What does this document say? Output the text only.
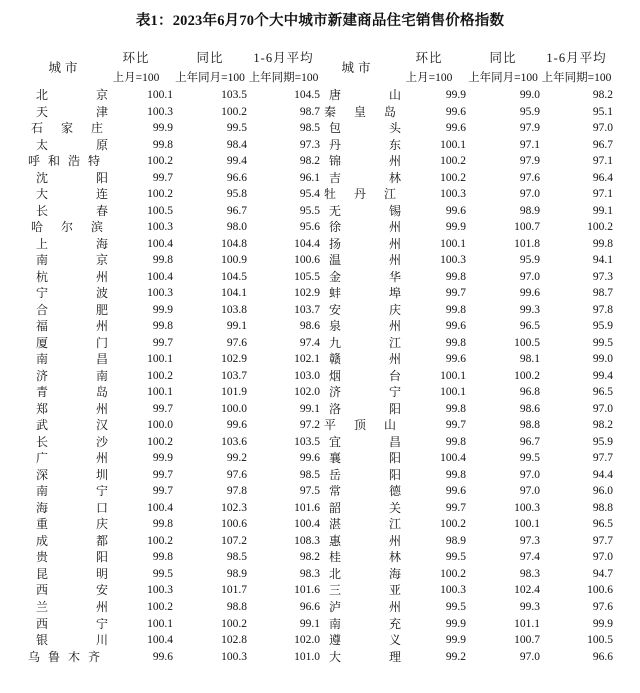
表1：2023年6月70个大中城市新建商品住宅销售价格指数
城市	环比	同比	1-6月平均	城市	环比	同比	1-6月平均
	上月=100	上年同月=100	上年同期=100		上月=100	上年同月=100	上年同期=100

北 京	100.1	103.5	104.5	唐 山	99.9	99.0	98.2

天 津	100.3	100.2	98.7	秦 皇 岛	99.6	95.9	95.1

石 家 庄	99.9	99.5	98.5	包 头	99.6	97.9	97.0

太 原	99.8	98.4	97.3	丹 东	100.1	97.1	96.7

呼 和 浩 特	100.2	99.4	98.2	锦 州	100.2	97.9	97.1

沈 阳	99.7	96.6	96.1	吉 林	100.2	97.6	96.4

大 连	100.2	95.8	95.4	牡 丹 江	100.3	97.0	97.1

长 春	100.5	96.7	95.5	无 锡	99.6	98.9	99.1

哈 尔 滨	100.3	98.0	95.6	徐 州	99.9	100.7	100.2

上 海	100.4	104.8	104.4	扬 州	100.1	101.8	99.8

南 京	99.8	100.9	100.6	温 州	100.3	95.9	94.1

杭 州	100.4	104.5	105.5	金 华	99.8	97.0	97.3

宁 波	100.3	104.1	102.9	蚌 埠	99.7	99.6	98.7

合 肥	99.9	103.8	103.7	安 庆	99.8	99.3	97.8

福 州	99.8	99.1	98.6	泉 州	99.6	96.5	95.9

厦 门	99.7	97.6	97.4	九 江	99.8	100.5	99.5

南 昌	100.1	102.9	102.1	赣 州	99.6	98.1	99.0

济 南	100.2	103.7	103.0	烟 台	100.1	100.2	99.4

青 岛	100.1	101.9	102.0	济 宁	100.1	96.8	96.5

郑 州	99.7	100.0	99.1	洛 阳	99.8	98.6	97.0

武 汉	100.0	99.6	97.2	平 顶 山	99.7	98.8	98.2

长 沙	100.2	103.6	103.5	宜 昌	99.8	96.7	95.9

广 州	99.9	99.2	99.6	襄 阳	100.4	99.5	97.7

深 圳	99.7	97.6	98.5	岳 阳	99.8	97.0	94.4

南 宁	99.7	97.8	97.5	常 德	99.6	97.0	96.0

海 口	100.4	102.3	101.6	韶 关	99.7	100.3	98.8

重 庆	99.8	100.6	100.4	湛 江	100.2	100.1	96.5

成 都	100.2	107.2	108.3	惠 州	98.9	97.3	97.7

贵 阳	99.8	98.5	98.2	桂 林	99.5	97.4	97.0

昆 明	99.5	98.9	98.3	北 海	100.2	98.3	94.7

西 安	100.3	101.7	101.6	三 亚	100.3	102.4	100.6

兰 州	100.2	98.8	96.6	泸 州	99.5	99.3	97.6

西 宁	100.1	100.2	99.1	南 充	99.9	101.1	99.9

银 川	100.4	102.8	102.0	遵 义	99.9	100.7	100.5

乌 鲁 木 齐	99.6	100.3	101.0	大 理	99.2	97.0	96.6
